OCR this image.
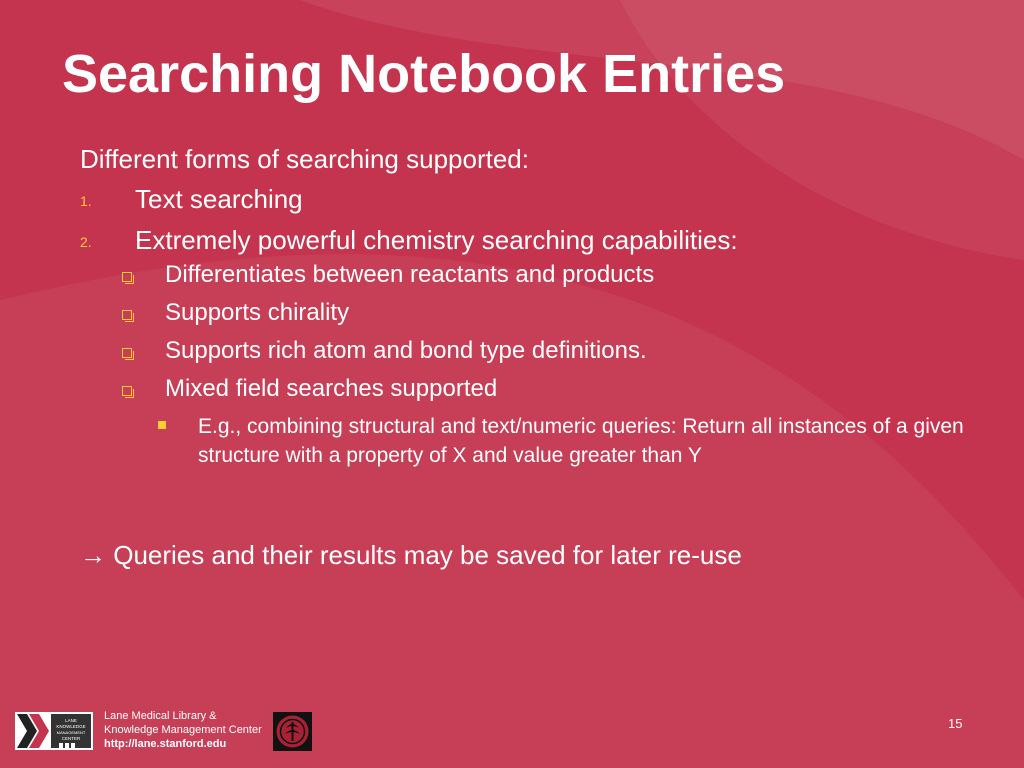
Searching Notebook Entries
Different forms of searching supported:
1. Text searching
2. Extremely powerful chemistry searching capabilities:
Differentiates between reactants and products
Supports chirality
Supports rich atom and bond type definitions.
Mixed field searches supported
E.g., combining structural and text/numeric queries: Return all instances of a given structure with a property of X and value greater than Y
→ Queries and their results may be saved for later re-use
LANE
KNOWLEDGE
MANAGEMENT
CENTER
Lane Medical Library &
Knowledge Management Center
http://lane.stanford.edu
15
